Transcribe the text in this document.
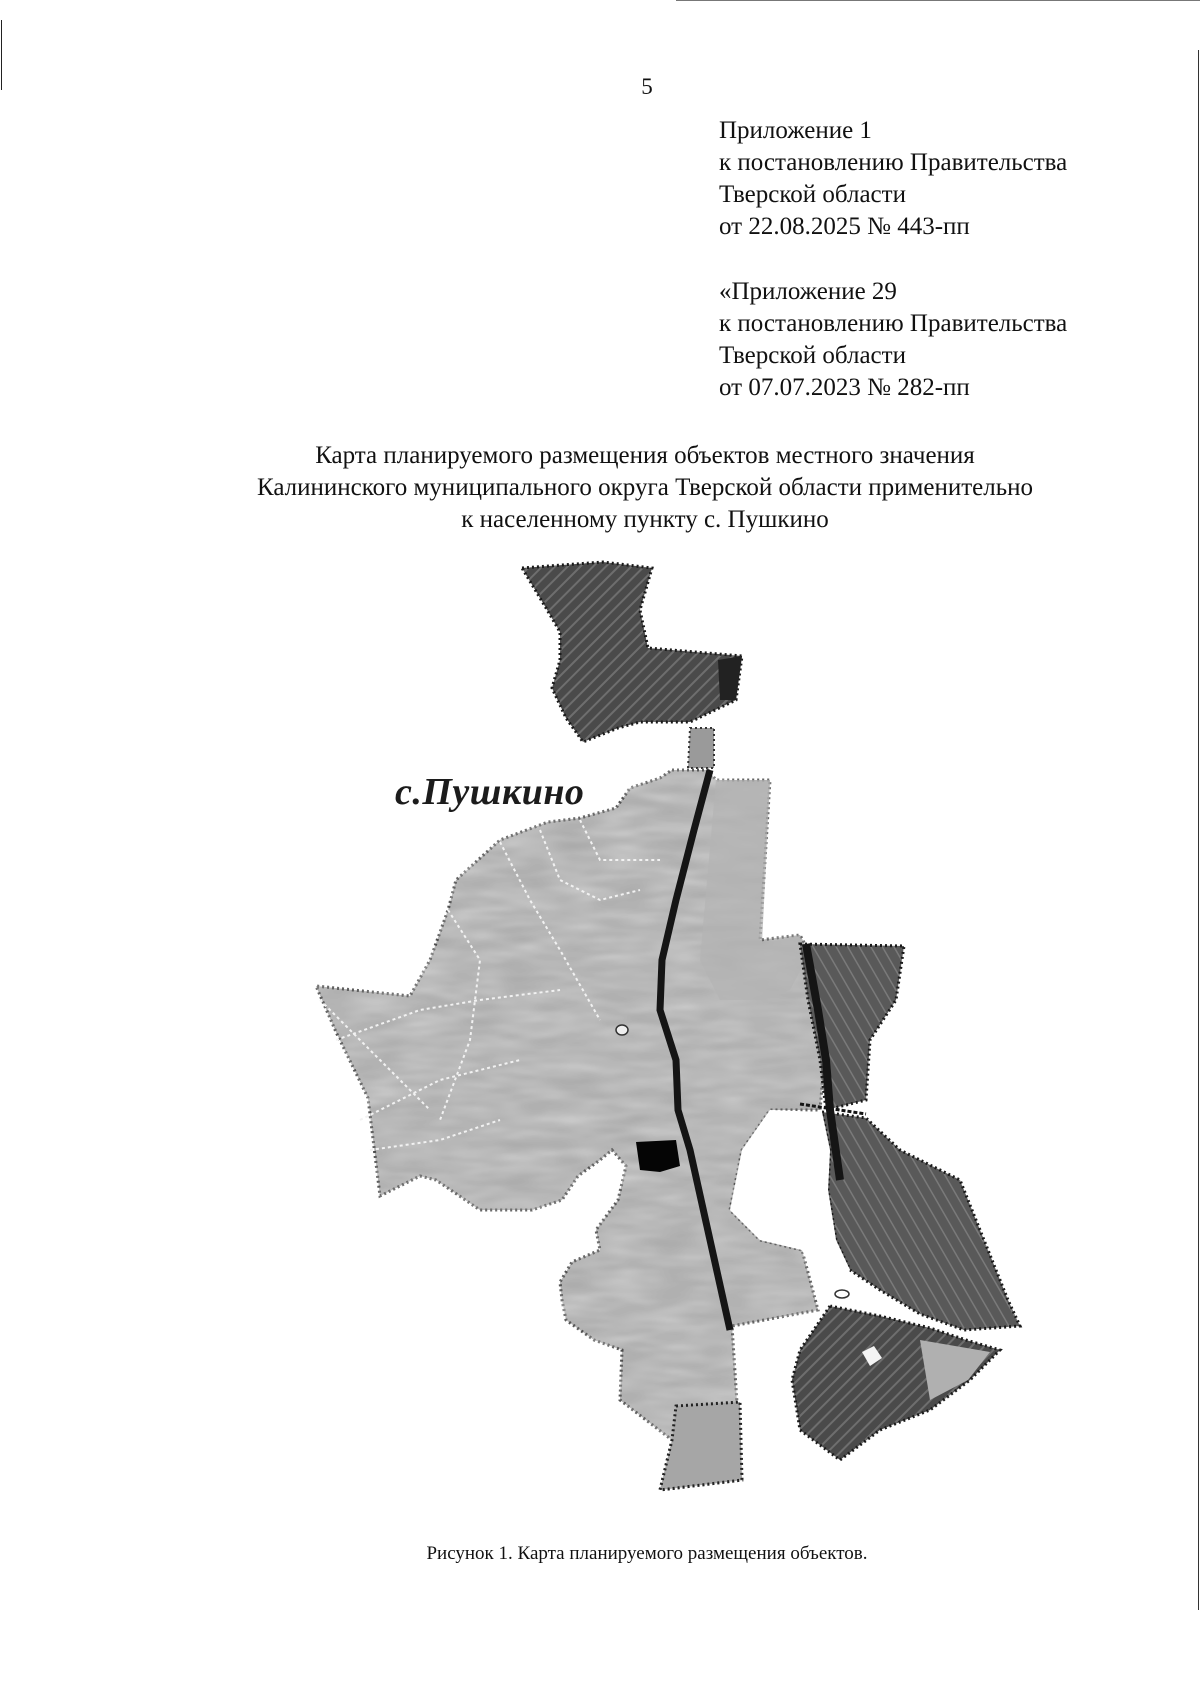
5
Приложение 1
к постановлению Правительства
Тверской области
от 22.08.2025 № 443-пп
«Приложение 29
к постановлению Правительства
Тверской области
от 07.07.2023 № 282-пп
Карта планируемого размещения объектов местного значения
Калининского муниципального округа Тверской области применительно
к населенному пункту с. Пушкино
с.Пушкино
Рисунок 1. Карта планируемого размещения объектов.
